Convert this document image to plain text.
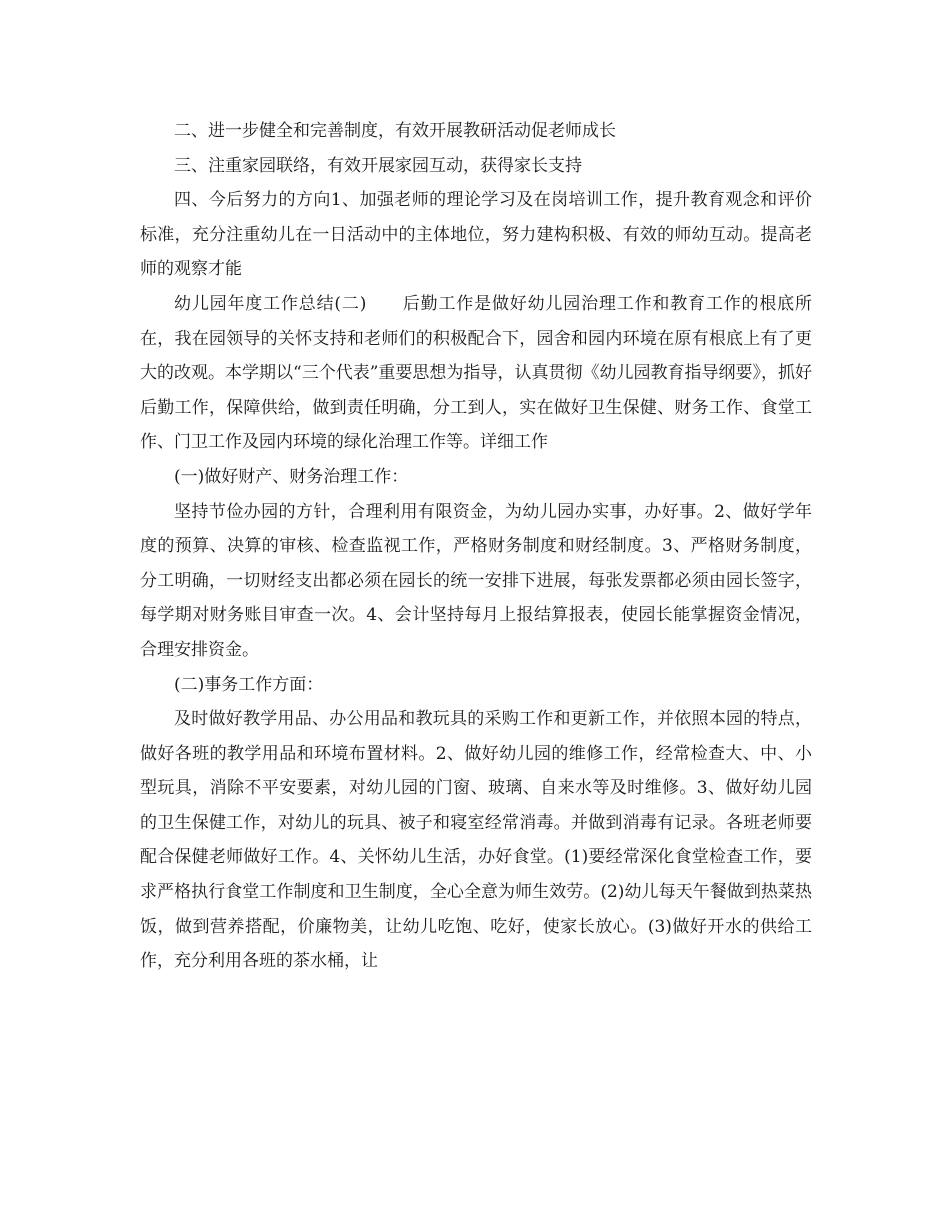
二、进一步健全和完善制度，有效开展教研活动促老师成长

三、注重家园联络，有效开展家园互动，获得家长支持

四、今后努力的方向1、加强老师的理论学习及在岗培训工作，提升教育观念和评价标准，充分注重幼儿在一日活动中的主体地位，努力建构积极、有效的师幼互动。提高老师的观察才能

幼儿园年度工作总结(二)　　后勤工作是做好幼儿园治理工作和教育工作的根底所在，我在园领导的关怀支持和老师们的积极配合下，园舍和园内环境在原有根底上有了更大的改观。本学期以“三个代表”重要思想为指导，认真贯彻《幼儿园教育指导纲要》，抓好后勤工作，保障供给，做到责任明确，分工到人，实在做好卫生保健、财务工作、食堂工作、门卫工作及园内环境的绿化治理工作等。详细工作

(一)做好财产、财务治理工作：

坚持节俭办园的方针，合理利用有限资金，为幼儿园办实事，办好事。2、做好学年度的预算、决算的审核、检查监视工作，严格财务制度和财经制度。3、严格财务制度，分工明确，一切财经支出都必须在园长的统一安排下进展，每张发票都必须由园长签字，每学期对财务账目审查一次。4、会计坚持每月上报结算报表，使园长能掌握资金情况，合理安排资金。

(二)事务工作方面：

及时做好教学用品、办公用品和教玩具的采购工作和更新工作，并依照本园的特点，做好各班的教学用品和环境布置材料。2、做好幼儿园的维修工作，经常检查大、中、小型玩具，消除不平安要素，对幼儿园的门窗、玻璃、自来水等及时维修。3、做好幼儿园的卫生保健工作，对幼儿的玩具、被子和寝室经常消毒。并做到消毒有记录。各班老师要配合保健老师做好工作。4、关怀幼儿生活，办好食堂。(1)要经常深化食堂检查工作，要求严格执行食堂工作制度和卫生制度，全心全意为师生效劳。(2)幼儿每天午餐做到热菜热饭，做到营养搭配，价廉物美，让幼儿吃饱、吃好，使家长放心。(3)做好开水的供给工作，充分利用各班的茶水桶，让
